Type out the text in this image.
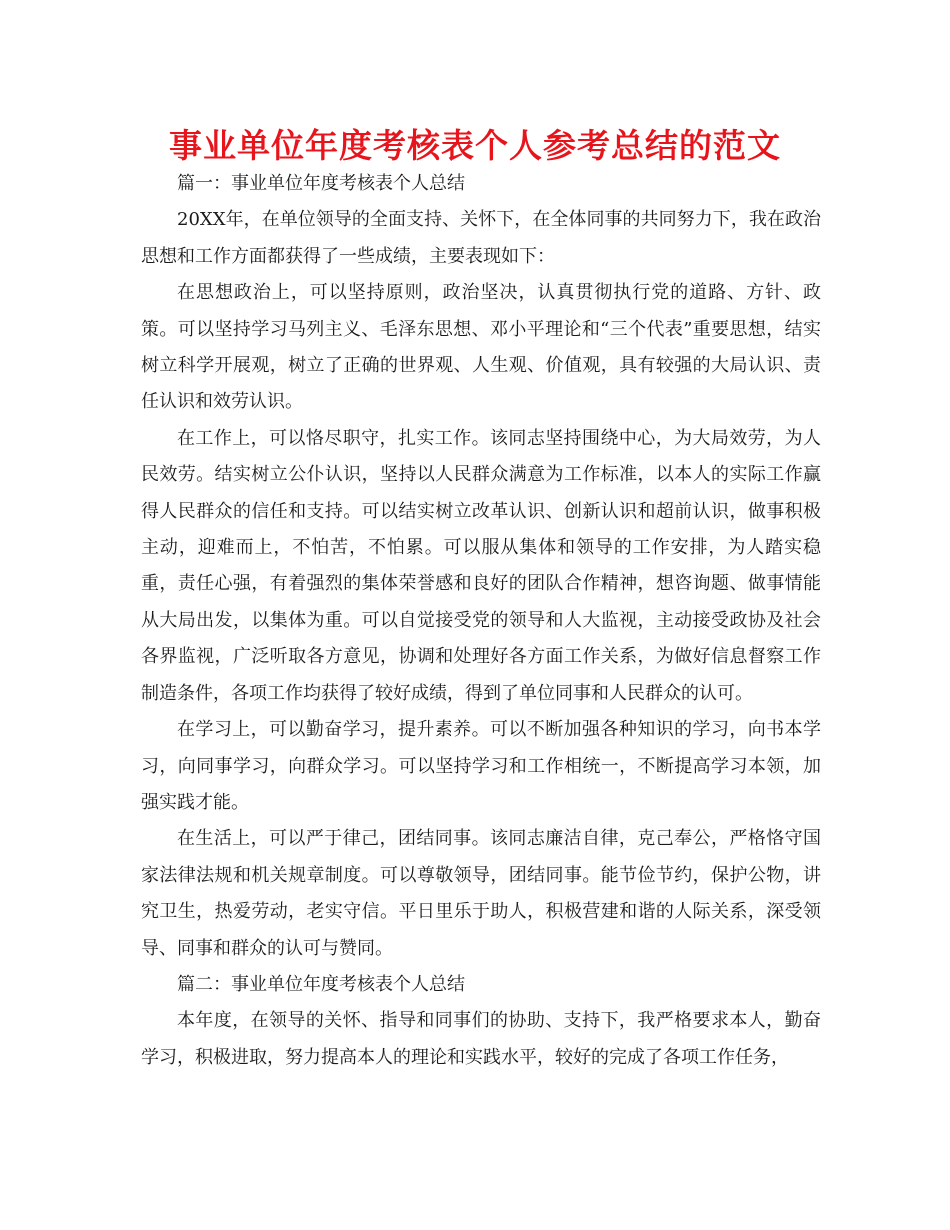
事业单位年度考核表个人参考总结的范文

篇一：事业单位年度考核表个人总结

20XX年，在单位领导的全面支持、关怀下，在全体同事的共同努力下，我在政治思想和工作方面都获得了一些成绩，主要表现如下：

在思想政治上，可以坚持原则，政治坚决，认真贯彻执行党的道路、方针、政策。可以坚持学习马列主义、毛泽东思想、邓小平理论和“三个代表”重要思想，结实树立科学开展观，树立了正确的世界观、人生观、价值观，具有较强的大局认识、责任认识和效劳认识。

在工作上，可以恪尽职守，扎实工作。该同志坚持围绕中心，为大局效劳，为人民效劳。结实树立公仆认识，坚持以人民群众满意为工作标准，以本人的实际工作赢得人民群众的信任和支持。可以结实树立改革认识、创新认识和超前认识，做事积极主动，迎难而上，不怕苦，不怕累。可以服从集体和领导的工作安排，为人踏实稳重，责任心强，有着强烈的集体荣誉感和良好的团队合作精神，想咨询题、做事情能从大局出发，以集体为重。可以自觉接受党的领导和人大监视，主动接受政协及社会各界监视，广泛听取各方意见，协调和处理好各方面工作关系，为做好信息督察工作制造条件，各项工作均获得了较好成绩，得到了单位同事和人民群众的认可。

在学习上，可以勤奋学习，提升素养。可以不断加强各种知识的学习，向书本学习，向同事学习，向群众学习。可以坚持学习和工作相统一，不断提高学习本领，加强实践才能。

在生活上，可以严于律己，团结同事。该同志廉洁自律，克己奉公，严格恪守国家法律法规和机关规章制度。可以尊敬领导，团结同事。能节俭节约，保护公物，讲究卫生，热爱劳动，老实守信。平日里乐于助人，积极营建和谐的人际关系，深受领导、同事和群众的认可与赞同。

篇二：事业单位年度考核表个人总结

本年度，在领导的关怀、指导和同事们的协助、支持下，我严格要求本人，勤奋学习，积极进取，努力提高本人的理论和实践水平，较好的完成了各项工作任务，
